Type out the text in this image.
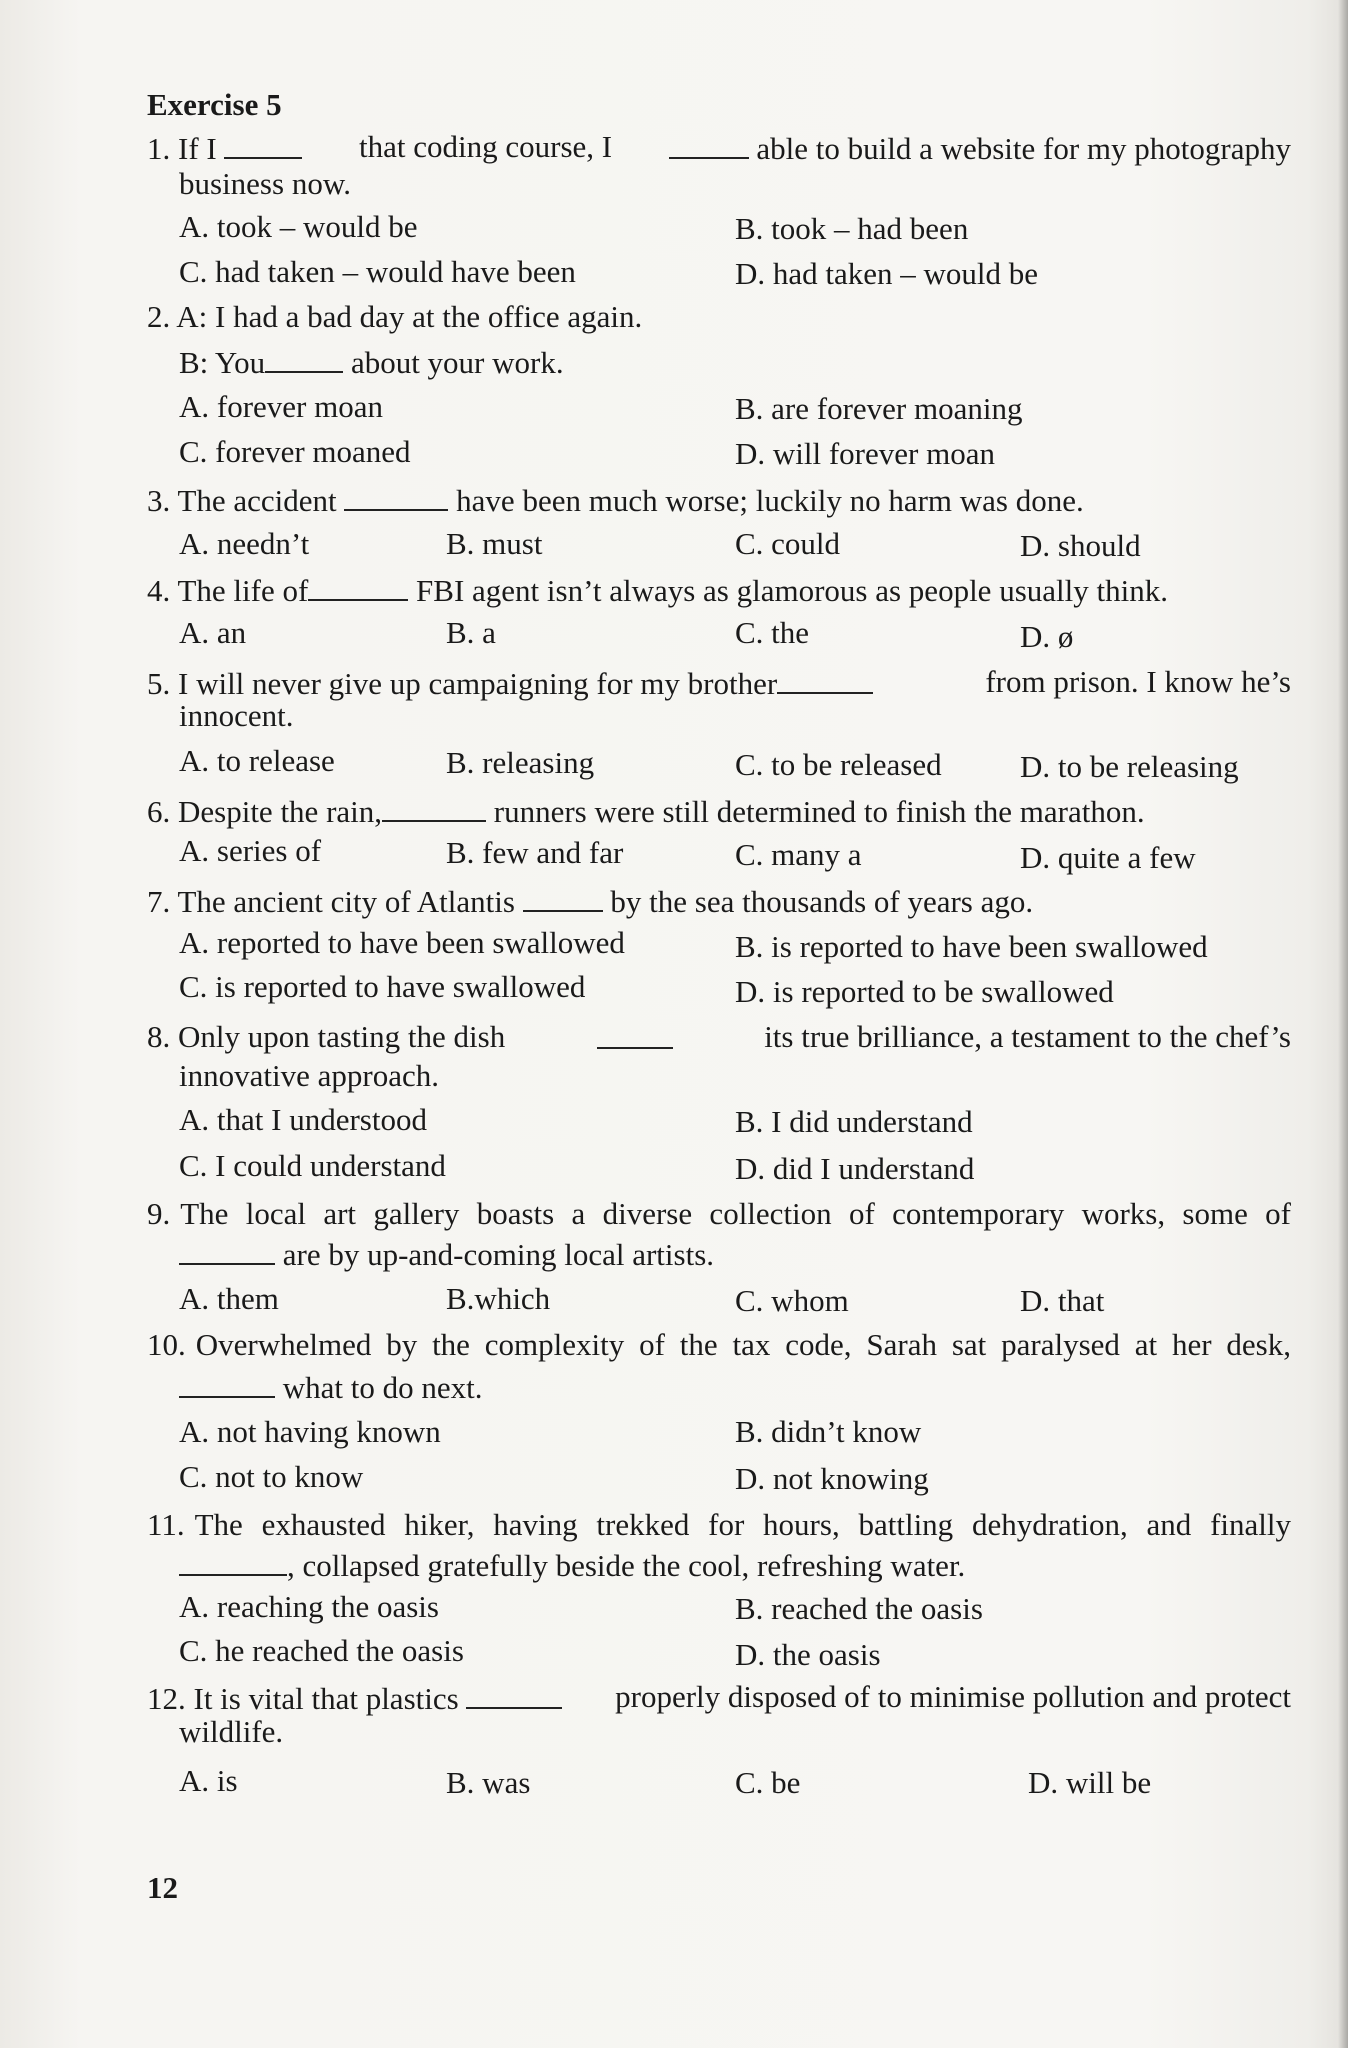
Exercise 5
1. If I	that coding course, I	able to build a website for my photography
business now.
A. took – would be	B. took – had been
C. had taken – would have been	D. had taken – would be
2. A: I had a bad day at the office again.
B: You	about your work.
A. forever moan	B. are forever moaning
C. forever moaned	D. will forever moan
3. The accident	have been much worse; luckily no harm was done.
A. needn’t	B. must	C. could	D. should
4. The life of	FBI agent isn’t always as glamorous as people usually think.
A. an	B. a	C. the	D. ø
5. I will never give up campaigning for my brother	from prison. I know he’s
innocent.
A. to release	B. releasing	C. to be released	D. to be releasing
6. Despite the rain,	runners were still determined to finish the marathon.
A. series of	B. few and far	C. many a	D. quite a few
7. The ancient city of Atlantis	by the sea thousands of years ago.
A. reported to have been swallowed	B. is reported to have been swallowed
C. is reported to have swallowed	D. is reported to be swallowed
8. Only upon tasting the dish	its true brilliance, a testament to the chef’s
innovative approach.
A. that I understood	B. I did understand
C. I could understand	D. did I understand
9. The local art gallery boasts a diverse collection of contemporary works, some of
are by up-and-coming local artists.
A. them	B.which	C. whom	D. that
10. Overwhelmed by the complexity of the tax code, Sarah sat paralysed at her desk,
what to do next.
A. not having known	B. didn’t know
C. not to know	D. not knowing
11. The exhausted hiker, having trekked for hours, battling dehydration, and finally
, collapsed gratefully beside the cool, refreshing water.
A. reaching the oasis	B. reached the oasis
C. he reached the oasis	D. the oasis
12. It is vital that plastics	properly disposed of to minimise pollution and protect
wildlife.
A. is	B. was	C. be	D. will be
12
